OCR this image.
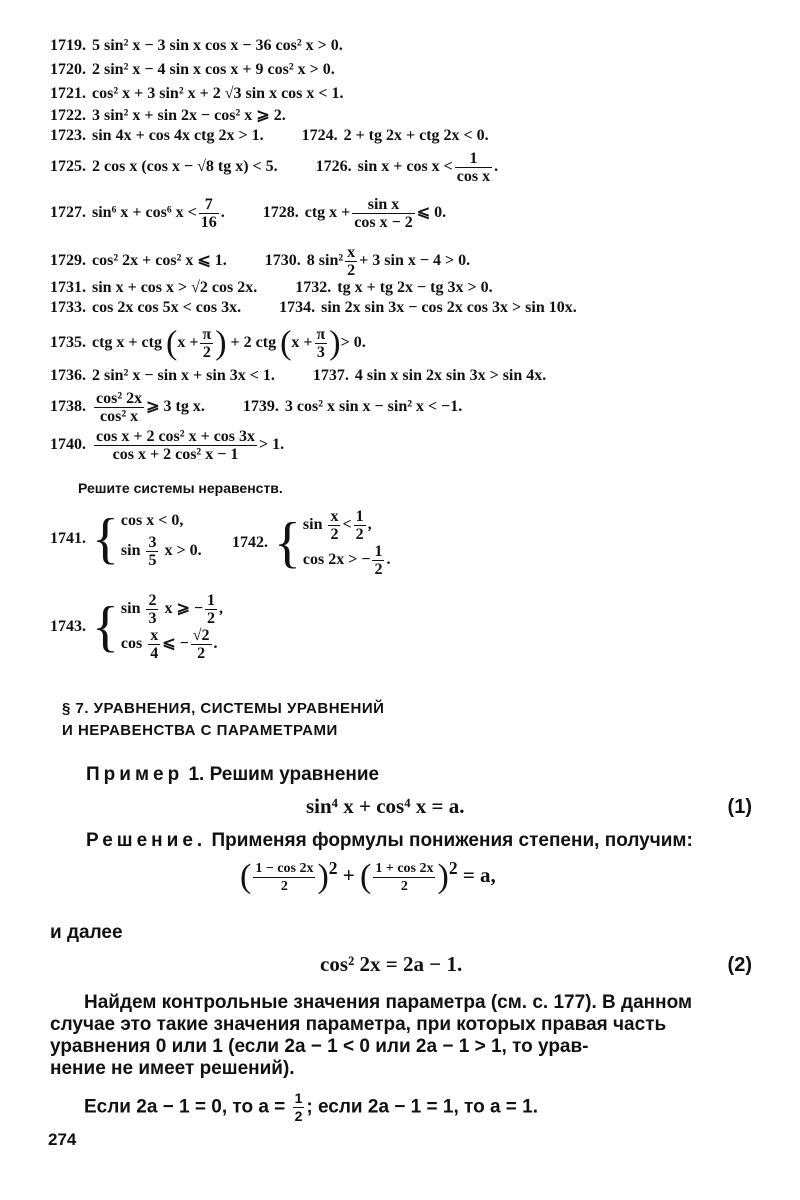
1719. 5 sin² x − 3 sin x cos x − 36 cos² x > 0.
1720. 2 sin² x − 4 sin x cos x + 9 cos² x > 0.
1721. cos² x + 3 sin² x + 2 √3 sin x cos x < 1.
1722. 3 sin² x + sin 2x − cos² x ⩾ 2.
1723. sin 4x + cos 4x ctg 2x > 1. 1724. 2 + tg 2x + ctg 2x < 0.
1725. 2 cos x (cos x − √8 tg x) < 5. 1726. $\sin x + \cos x < \frac{1}{\text{cos x}}$ .
1727. sin⁶ x + cos⁶ $x < \frac{7}{16}$ . 1728. ctg $x + \frac{\text{sin x}}{\text{cos x − 2}}$ ⩽ 0.
1729. cos² 2x + cos² x ⩽ 1. 1730. 8 $\sin^2 \frac{x}{2} + 3$ sin x − 4 > 0.
1731. sin x + cos x > √2 cos 2x. 1732. tg x + tg 2x − tg 3x > 0.
1733. cos 2x cos 5x < cos 3x. 1734. sin 2x sin 3x − cos 2x cos 3x > sin 10x.
1735. ctg x + ctg ($x + \frac{\pi}{2}$ ) + 2 ctg ($x + \frac{\pi}{3}$ )> 0.
1736. 2 sin² x − sin x + sin 3x < 1. 1737. 4 sin x sin 2x sin 3x > sin 4x.
1738. $\frac{\text{cos² 2x}}{\text{cos² x}}$ ⩾ 3 tg x. 1739. 3 cos² x sin x − sin² x < −1.
1740. $\frac{\text{cos x + 2 cos² x + cos 3x}}{\text{cos x + 2 cos² x − 1}} > 1$.
Решите системы неравенств.
1741. { cos x < 0,
$\sin \frac{3}{5}$ x > 0. 1742. { $\sin \frac{x}{2} < \frac{1}{2}$ ,
cos 2x > − $\frac{1}{2}$ .
1743. { $\sin \frac{2}{3}$ x ⩾ − $\frac{1}{2}$ ,
$\cos \frac{x}{4}$ ⩽ − $\frac{√2}{2}$ .
§ 7. УРАВНЕНИЯ, СИСТЕМЫ УРАВНЕНИЙ
И НЕРАВЕНСТВА С ПАРАМЕТРАМИ
Пример 1. Решим уравнение
sin⁴ x + cos⁴ x = a.	(1)
Решение. Применяя формулы понижения степени, получим:
( $\frac{1 - \cos 2x}{2} )^2$ + ( $\frac{1 + \cos 2x}{2} )^2 = a$,
и далее
cos² 2x = 2a − 1.	(2)
Найдем контрольные значения параметра (см. с. 177). В данном
случае это такие значения параметра, при которых правая часть
уравнения 0 или 1 (если 2a − 1 < 0 или 2a − 1 > 1, то урав-
нение не имеет решений).
Если 2a − 1 = 0, то $a = \frac{1}{2}$ ; если 2a − 1 = 1, то a = 1.
274
